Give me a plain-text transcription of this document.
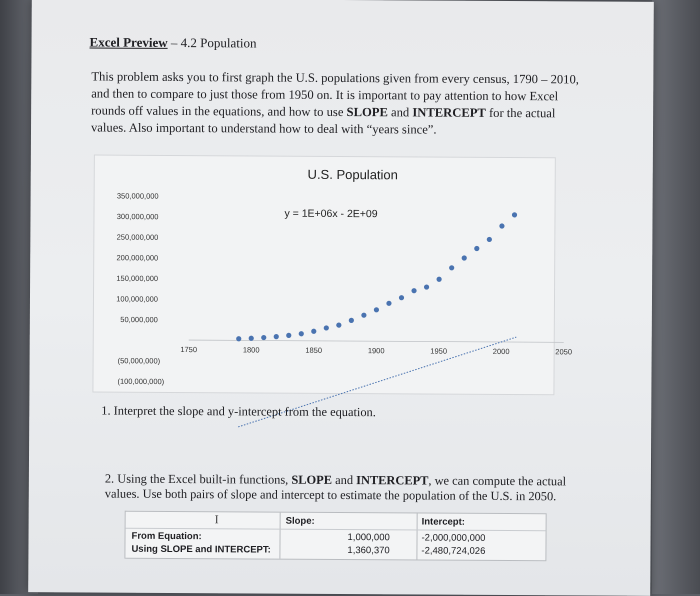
Excel Preview – 4.2 Population
This problem asks you to first graph the U.S. populations given from every census, 1790 – 2010, and then to compare to just those from 1950 on. It is important to pay attention to how Excel rounds off values in the equations, and how to use SLOPE and INTERCEPT for the actual values. Also important to understand how to deal with “years since”.
U.S. Population
y = 1E+06x - 2E+09
350,000,000
300,000,000
250,000,000
200,000,000
150,000,000
100,000,000
50,000,000
(50,000,000)
(100,000,000)
1750	1800	1850	1900	1950	2000	2050
1. Interpret the slope and y-intercept from the equation.
2. Using the Excel built-in functions, SLOPE and INTERCEPT, we can compute the actual values. Use both pairs of slope and intercept to estimate the population of the U.S. in 2050.
Slope:	Intercept:
From Equation:	1,000,000	-2,000,000,000
Using SLOPE and INTERCEPT:	1,360,370	-2,480,724,026
I
